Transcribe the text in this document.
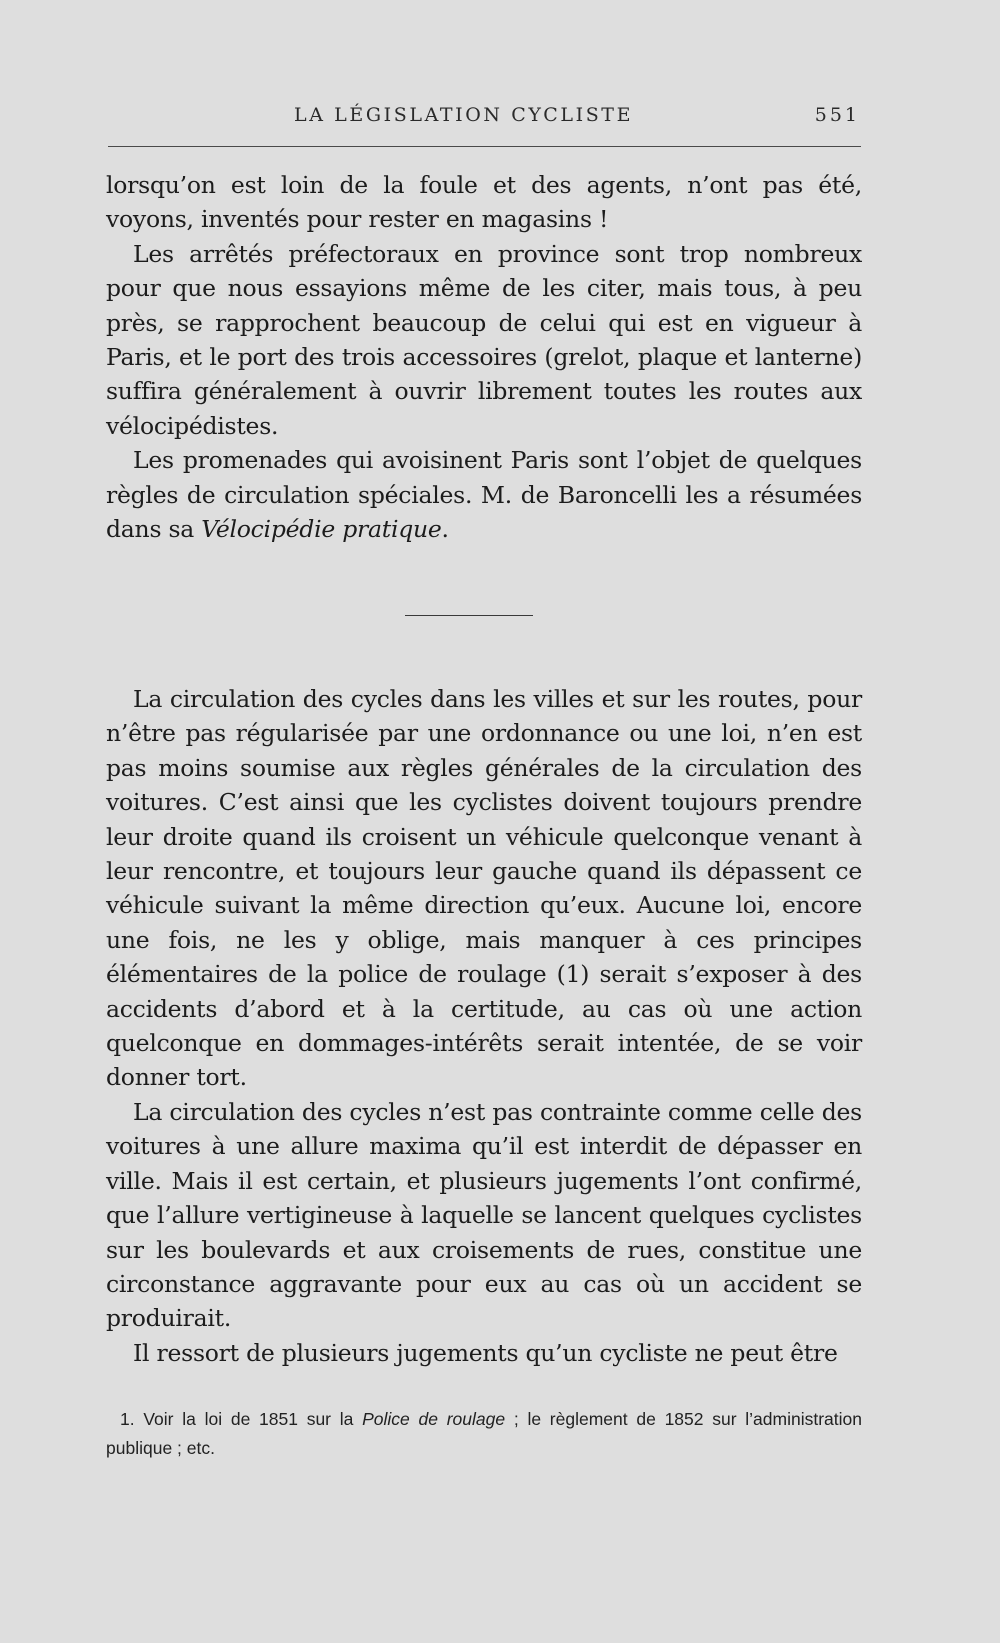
LA LÉGISLATION CYCLISTE	551

lorsqu’on est loin de la foule et des agents, n’ont pas été, voyons, inventés pour rester en magasins !

Les arrêtés préfectoraux en province sont trop nombreux pour que nous essayions même de les citer, mais tous, à peu près, se rapprochent beaucoup de celui qui est en vigueur à Paris, et le port des trois accessoires (grelot, plaque et lanterne) suffira généralement à ouvrir librement toutes les routes aux vélocipédistes.

Les promenades qui avoisinent Paris sont l’objet de quelques règles de circulation spéciales. M. de Baroncelli les a résumées dans sa Vélocipédie pratique.

La circulation des cycles dans les villes et sur les routes, pour n’être pas régularisée par une ordonnance ou une loi, n’en est pas moins soumise aux règles générales de la circulation des voitures. C’est ainsi que les cyclistes doivent toujours prendre leur droite quand ils croisent un véhicule quelconque venant à leur rencontre, et toujours leur gauche quand ils dépassent ce véhicule suivant la même direction qu’eux. Aucune loi, encore une fois, ne les y oblige, mais manquer à ces principes élémentaires de la police de roulage (1) serait s’exposer à des accidents d’abord et à la certitude, au cas où une action quelconque en dommages-intérêts serait intentée, de se voir donner tort.

La circulation des cycles n’est pas contrainte comme celle des voitures à une allure maxima qu’il est interdit de dépasser en ville. Mais il est certain, et plusieurs jugements l’ont confirmé, que l’allure vertigineuse à laquelle se lancent quelques cyclistes sur les boulevards et aux croisements de rues, constitue une circonstance aggravante pour eux au cas où un accident se produirait.

Il ressort de plusieurs jugements qu’un cycliste ne peut être

1. Voir la loi de 1851 sur la Police de roulage ; le règlement de 1852 sur l’administration publique ; etc.
